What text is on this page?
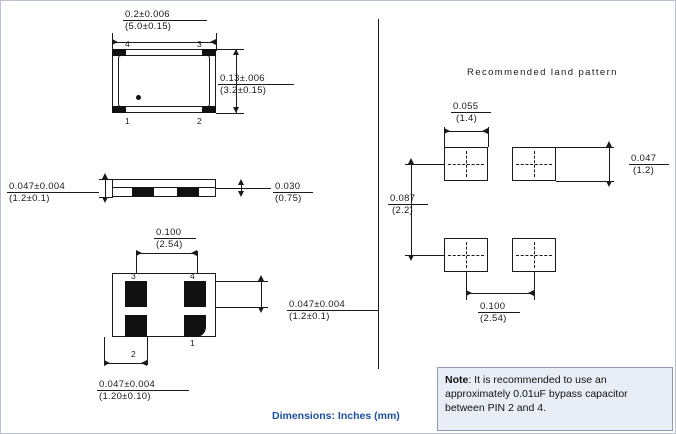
0.2±0.006
(5.0±0.15)
4	3
1	2
0.13±.006
(3.2±0.15)
0.047±0.004
(1.2±0.1)
0.030
(0.75)
0.100
(2.54)
3	4
1
2
0.047±0.004
(1.2±0.1)
0.047±0.004
(1.20±0.10)
Recommended land pattern
0.055
(1.4)
0.047
(1.2)
0.087
(2.2)
0.100
(2.54)
Dimensions: Inches (mm)
Note: It is recommended to use an approximately 0.01uF bypass capacitor between PIN 2 and 4.
